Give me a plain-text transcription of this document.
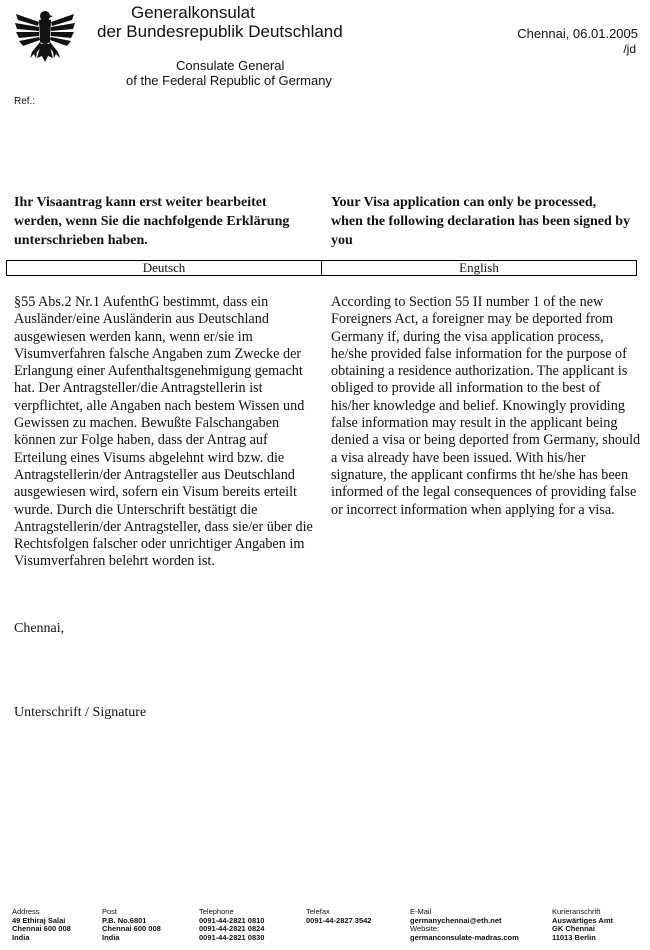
Generalkonsulat
der Bundesrepublik Deutschland
Consulate General
of the Federal Republic of Germany
Chennai, 06.01.2005
/jd
Ref.:
Ihr Visaantrag kann erst weiter bearbeitet werden, wenn Sie die nachfolgende Erklärung unterschrieben haben.
Your Visa application can only be processed, when the following declaration has been signed by you
Deutsch	English
§55 Abs.2 Nr.1 AufenthG bestimmt, dass ein Ausländer/eine Ausländerin aus Deutschland ausgewiesen werden kann, wenn er/sie im Visumverfahren falsche Angaben zum Zwecke der Erlangung einer Aufenthaltsgenehmigung gemacht hat. Der Antragsteller/die Antragstellerin ist verpflichtet, alle Angaben nach bestem Wissen und Gewissen zu machen. Bewußte Falschangaben können zur Folge haben, dass der Antrag auf Erteilung eines Visums abgelehnt wird bzw. die Antragstellerin/der Antragsteller aus Deutschland ausgewiesen wird, sofern ein Visum bereits erteilt wurde. Durch die Unterschrift bestätigt die Antragstellerin/der Antragsteller, dass sie/er über die Rechtsfolgen falscher oder unrichtiger Angaben im Visumverfahren belehrt worden ist.
According to Section 55 II number 1 of the new Foreigners Act, a foreigner may be deported from Germany if, during the visa application process, he/she provided false information for the purpose of obtaining a residence authorization. The applicant is obliged to provide all information to the best of his/her knowledge and belief. Knowingly providing false information may result in the applicant being denied a visa or being deported from Germany, should a visa already have been issued. With his/her signature, the applicant confirms tht he/she has been informed of the legal consequences of providing false or incorrect information when applying for a visa.
Chennai,
Unterschrift / Signature
Address
49 Ethiraj Salai
Chennai 600 008
India
Post
P.B. No.6801
Chennai 600 008
India
Telephone
0091-44-2821 0810
0091-44-2821 0824
0091-44-2821 0830
Telefax
0091-44-2827 3542
E-Mail
germanychennai@eth.net
Website:
germanconsulate-madras.com
Kurieranschrift
Auswärtiges Amt
GK Chennai
11013 Berlin
